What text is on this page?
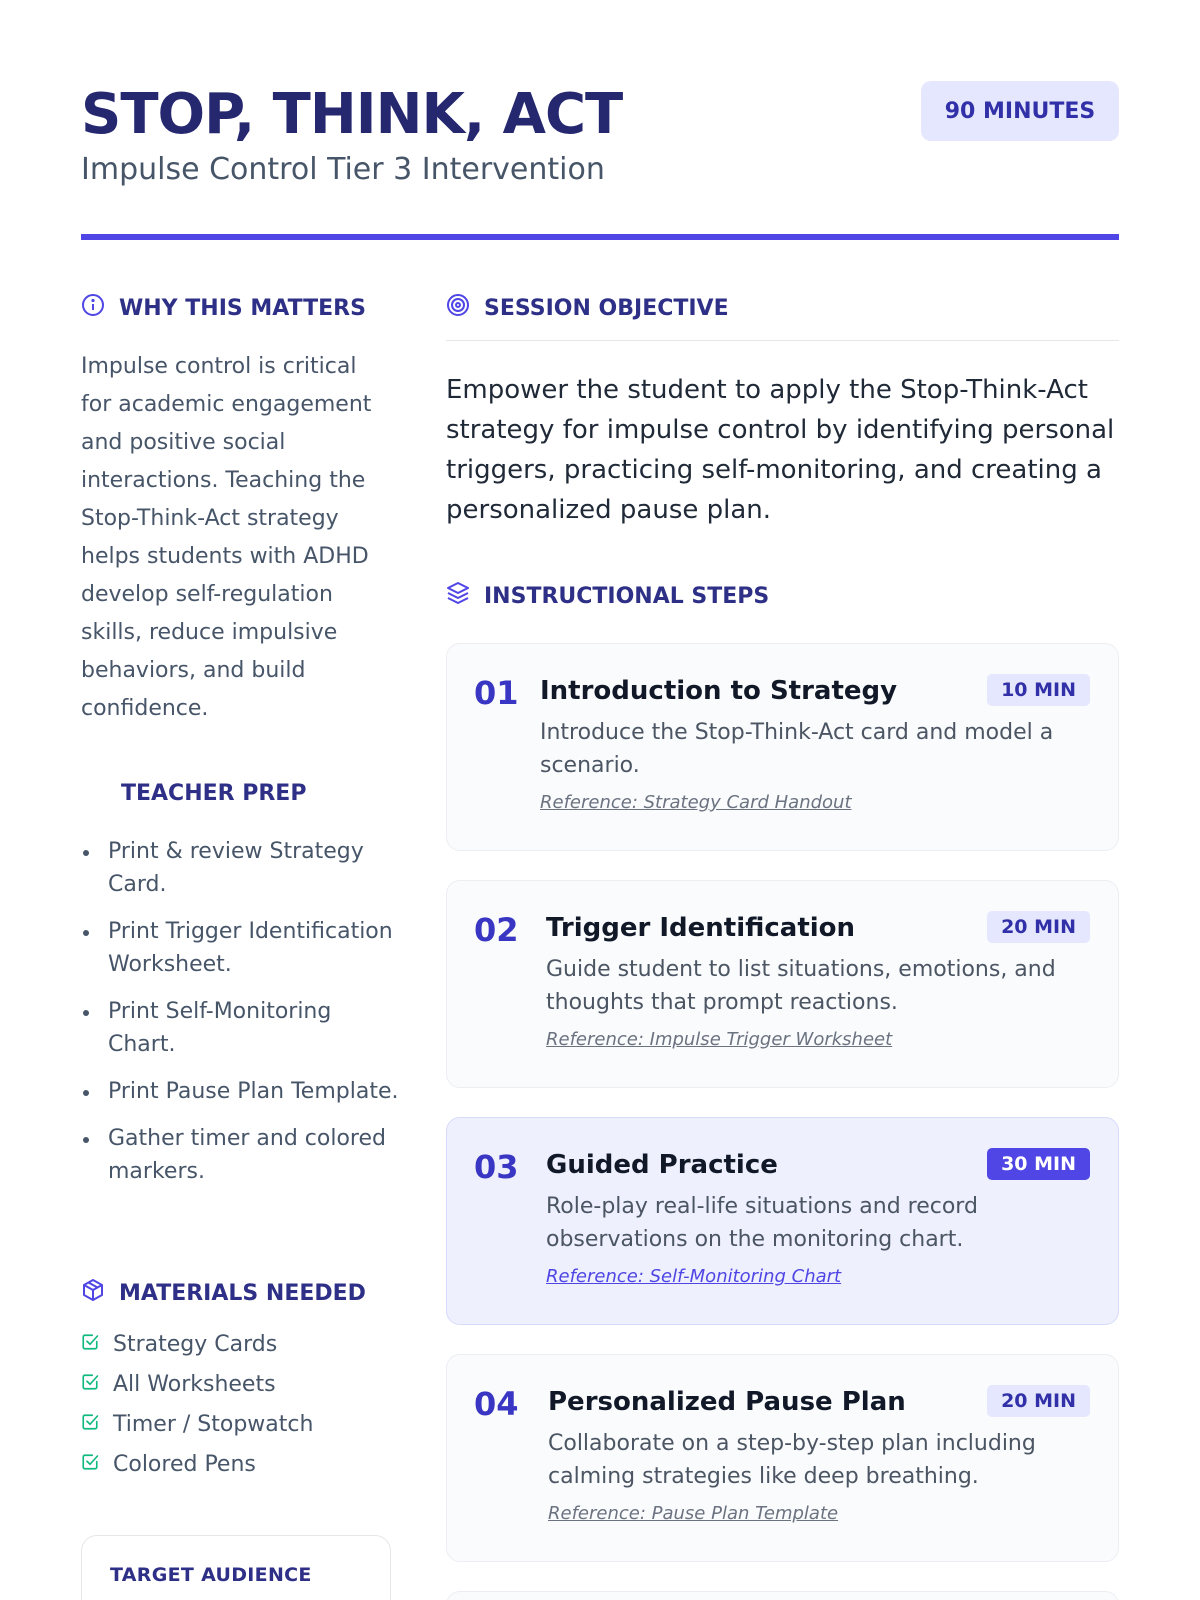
STOP, THINK, ACT
Impulse Control Tier 3 Intervention
90 MINUTES
WHY THIS MATTERS

Impulse control is critical for academic engagement and positive social interactions. Teaching the Stop-Think-Act strategy helps students with ADHD develop self-regulation skills, reduce impulsive behaviors, and build confidence.

TEACHER PREP
Print & review Strategy Card.
Print Trigger Identification Worksheet.
Print Self-Monitoring Chart.
Print Pause Plan Template.
Gather timer and colored markers.
MATERIALS NEEDED
Strategy Cards
All Worksheets
Timer / Stopwatch
Colored Pens
TARGET AUDIENCE
SESSION OBJECTIVE

Empower the student to apply the Stop-Think-Act strategy for impulse control by identifying personal triggers, practicing self-monitoring, and creating a personalized pause plan.

INSTRUCTIONAL STEPS
01	10 MIN
Introduction to Strategy
Introduce the Stop-Think-Act card and model a scenario.
Reference: Strategy Card Handout
02	20 MIN
Trigger Identification
Guide student to list situations, emotions, and thoughts that prompt reactions.
Reference: Impulse Trigger Worksheet
03	30 MIN
Guided Practice
Role-play real-life situations and record observations on the monitoring chart.
Reference: Self-Monitoring Chart
04	20 MIN
Personalized Pause Plan
Collaborate on a step-by-step plan including calming strategies like deep breathing.
Reference: Pause Plan Template
